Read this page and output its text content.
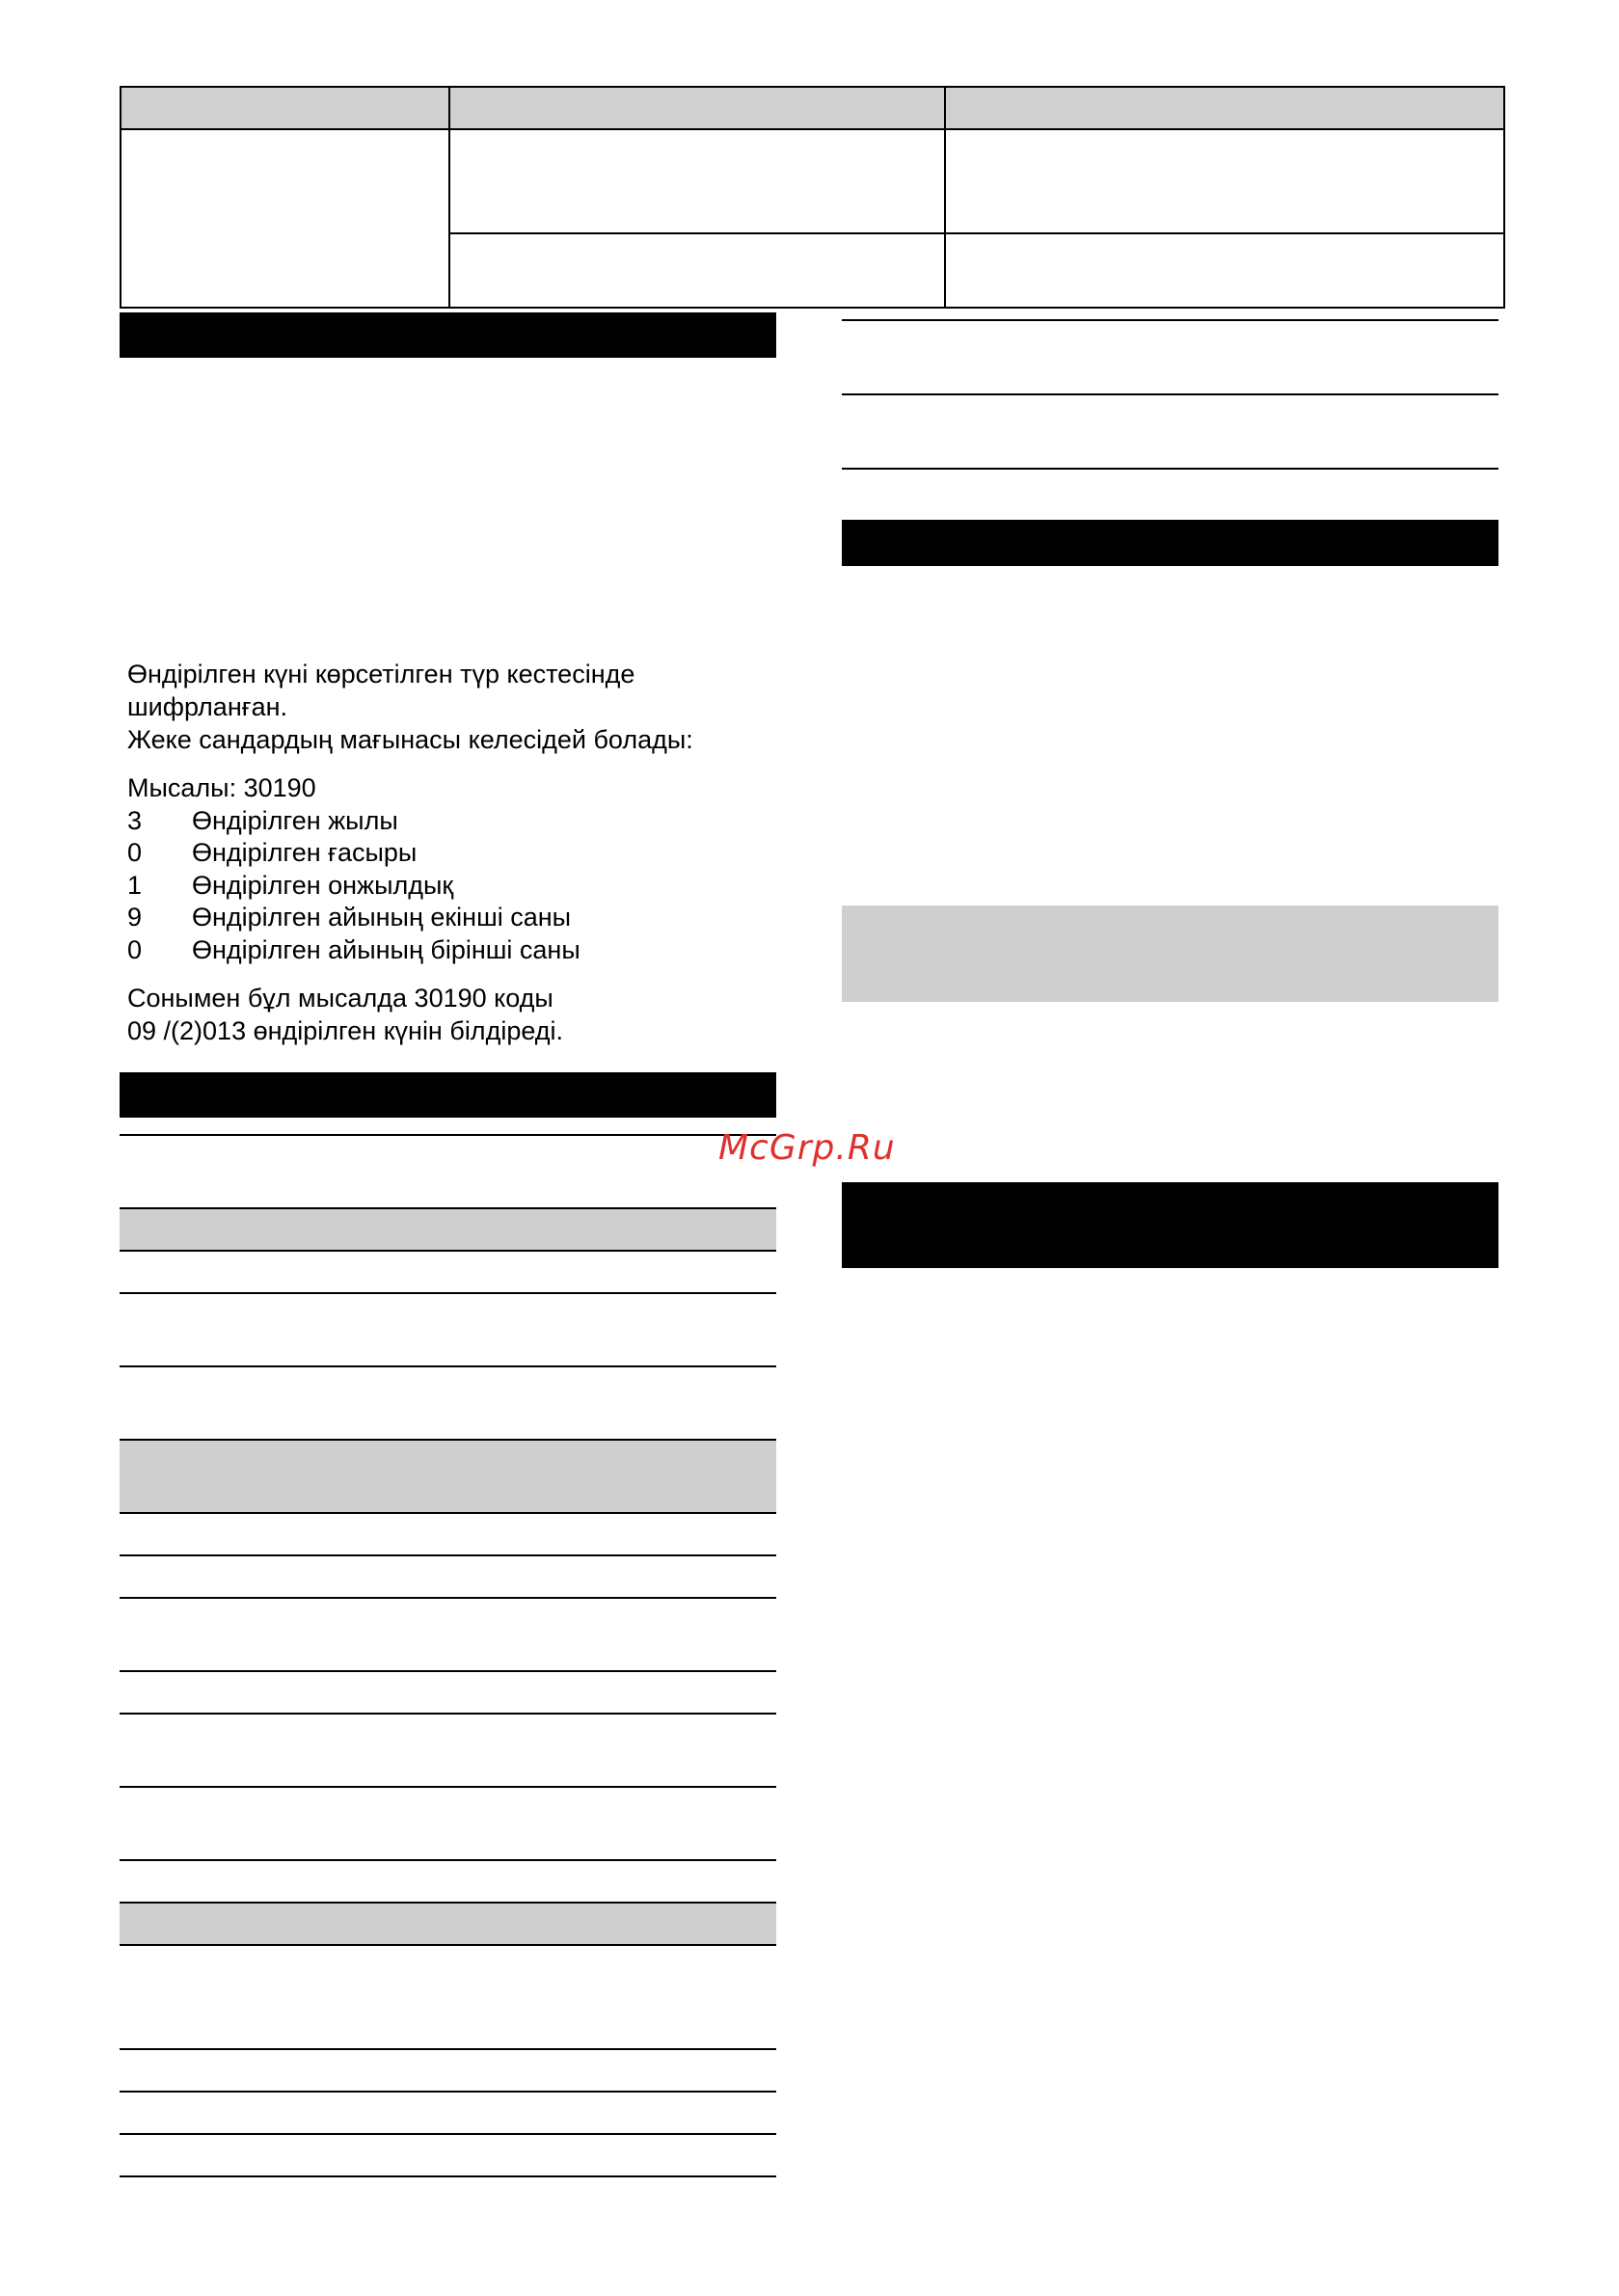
Өндірілген күні көрсетілген түр кестесінде
шифрланған.
Жеке сандардың мағынасы келесідей болады:
Мысалы: 30190
3 Өндірілген жылы
0 Өндірілген ғасыры
1 Өндірілген онжылдық
9 Өндірілген айының екінші саны
0 Өндірілген айының бірінші саны
Сонымен бұл мысалда 30190 коды
09 /(2)013 өндірілген күнін білдіреді.
McGrp.Ru
